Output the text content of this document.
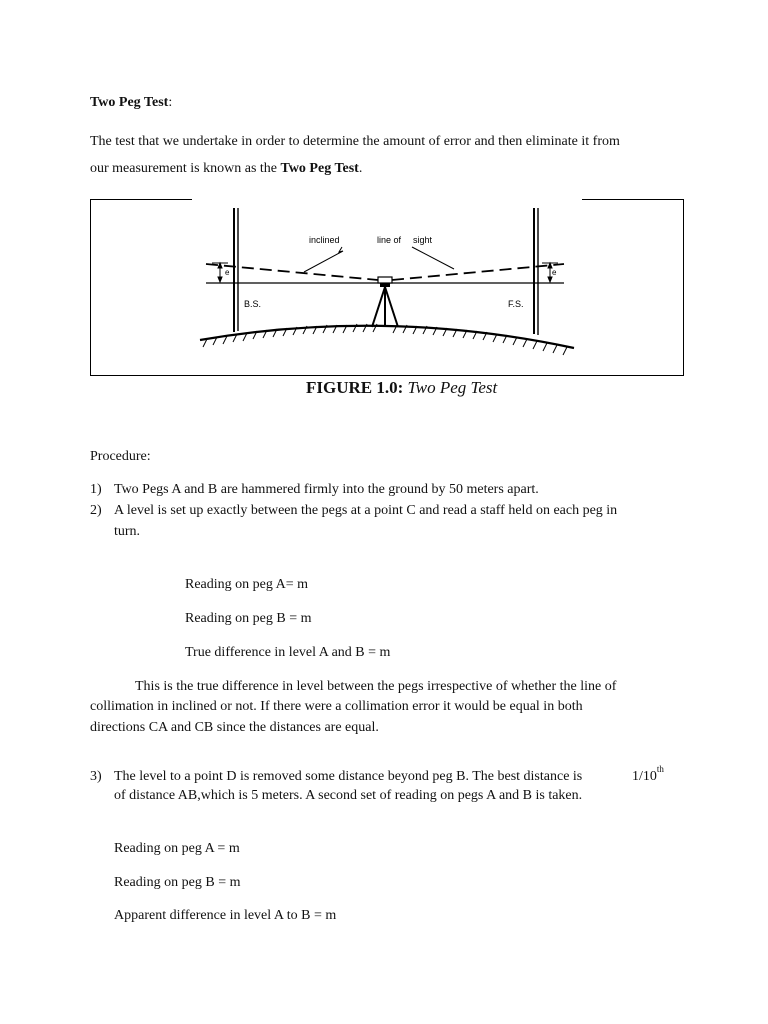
Two Peg Test:
The test that we undertake in order to determine the amount of error and then eliminate it from
our measurement is known as the Two Peg Test.
inclined	line of sight
e	e
B.S.	F.S.
FIGURE 1.0: Two Peg Test
Procedure:
1) Two Pegs A and B are hammered firmly into the ground by 50 meters apart.
2) A level is set up exactly between the pegs at a point C and read a staff held on each peg in
turn.
Reading on peg A= m
Reading on peg B = m
True difference in level A and B = m
This is the true difference in level between the pegs irrespective of whether the line of
collimation in inclined or not. If there were a collimation error it would be equal in both
directions CA and CB since the distances are equal.
3) The level to a point D is removed some distance beyond peg B. The best distance is	1/10th
of distance AB,which is 5 meters. A second set of reading on pegs A and B is taken.
Reading on peg A = m
Reading on peg B = m
Apparent difference in level A to B = m
